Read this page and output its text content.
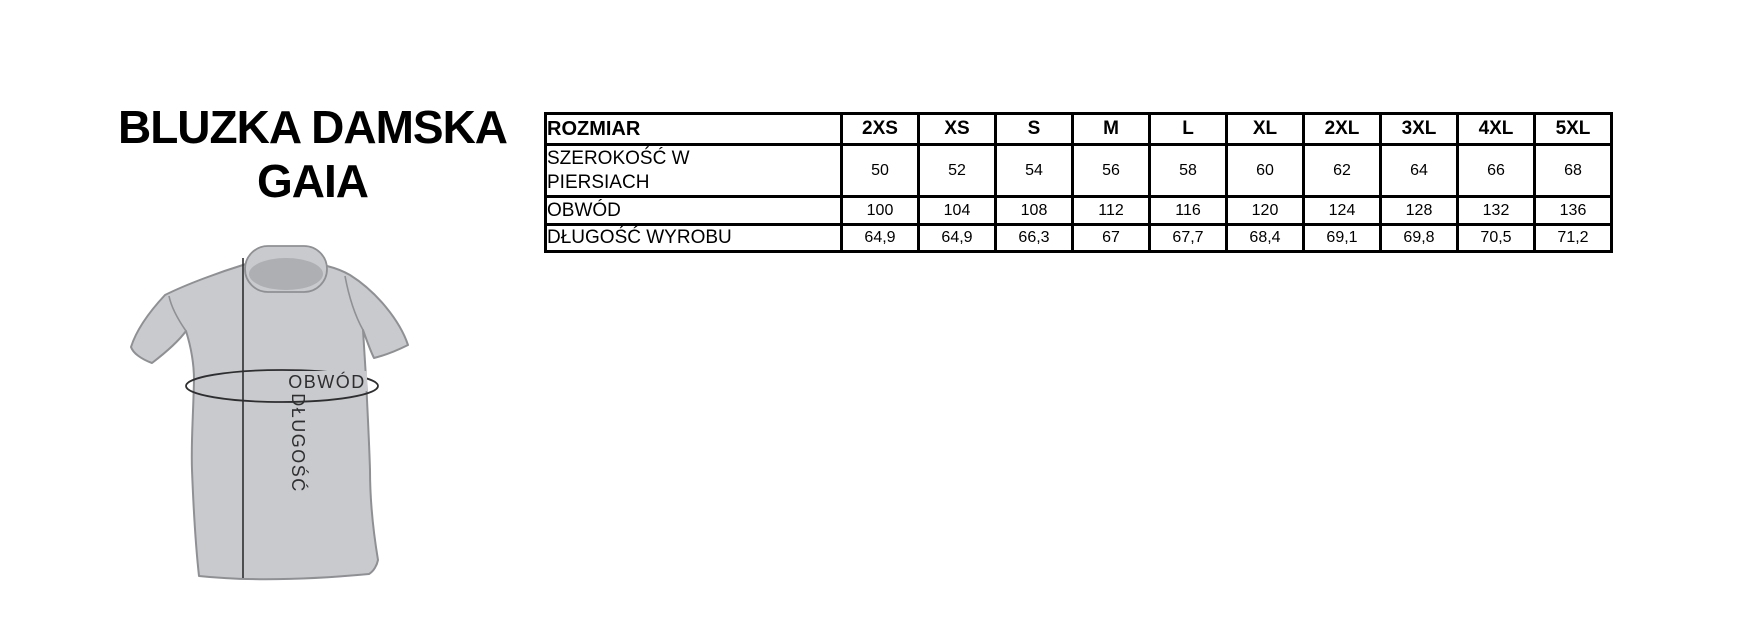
BLUZKA DAMSKA
GAIA
OBWÓD
DŁUGOŚĆ
ROZMIAR	2XS	XS	S	M	L	XL	2XL	3XL	4XL	5XL
SZEROKOŚĆ W PIERSIACH	50	52	54	56	58	60	62	64	66	68
OBWÓD	100	104	108	112	116	120	124	128	132	136
DŁUGOŚĆ WYROBU	64,9	64,9	66,3	67	67,7	68,4	69,1	69,8	70,5	71,2
